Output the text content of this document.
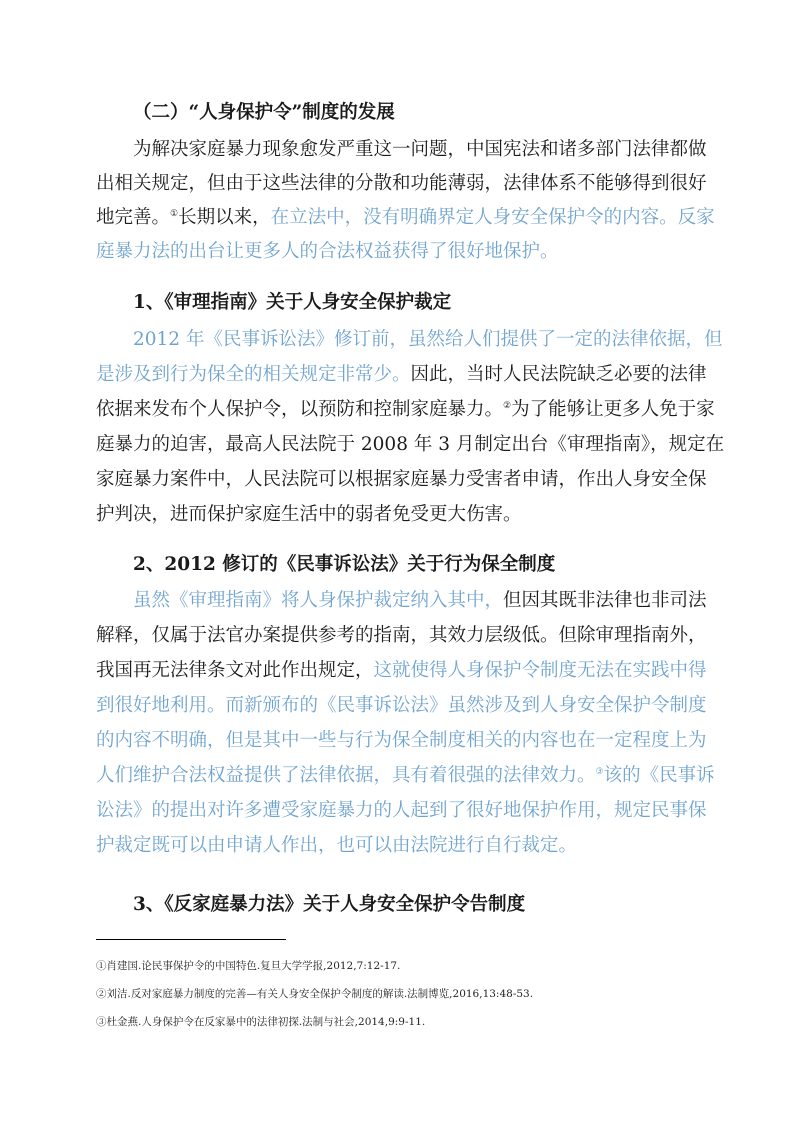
（二）“人身保护令”制度的发展
为解决家庭暴力现象愈发严重这一问题，中国宪法和诸多部门法律都做
出相关规定，但由于这些法律的分散和功能薄弱，法律体系不能够得到很好
地完善。①长期以来，在立法中，没有明确界定人身安全保护令的内容。反家
庭暴力法的出台让更多人的合法权益获得了很好地保护。
1、《审理指南》关于人身安全保护裁定
2012 年《民事诉讼法》修订前，虽然给人们提供了一定的法律依据，但
是涉及到行为保全的相关规定非常少。因此，当时人民法院缺乏必要的法律
依据来发布个人保护令，以预防和控制家庭暴力。②为了能够让更多人免于家
庭暴力的迫害，最高人民法院于 2008 年 3 月制定出台《审理指南》，规定在
家庭暴力案件中，人民法院可以根据家庭暴力受害者申请，作出人身安全保
护判决，进而保护家庭生活中的弱者免受更大伤害。
2、2012 修订的《民事诉讼法》关于行为保全制度
虽然《审理指南》将人身保护裁定纳入其中，但因其既非法律也非司法
解释，仅属于法官办案提供参考的指南，其效力层级低。但除审理指南外，
我国再无法律条文对此作出规定，这就使得人身保护令制度无法在实践中得
到很好地利用。而新颁布的《民事诉讼法》虽然涉及到人身安全保护令制度
的内容不明确，但是其中一些与行为保全制度相关的内容也在一定程度上为
人们维护合法权益提供了法律依据，具有着很强的法律效力。③该的《民事诉
讼法》的提出对许多遭受家庭暴力的人起到了很好地保护作用，规定民事保
护裁定既可以由申请人作出，也可以由法院进行自行裁定。
3、《反家庭暴力法》关于人身安全保护令告制度
①肖建国.论民事保护令的中国特色.复旦大学学报,2012,7:12-17.
②刘洁.反对家庭暴力制度的完善—有关人身安全保护令制度的解读.法制博览,2016,13:48-53.
③杜金燕.人身保护令在反家暴中的法律初探.法制与社会,2014,9:9-11.
